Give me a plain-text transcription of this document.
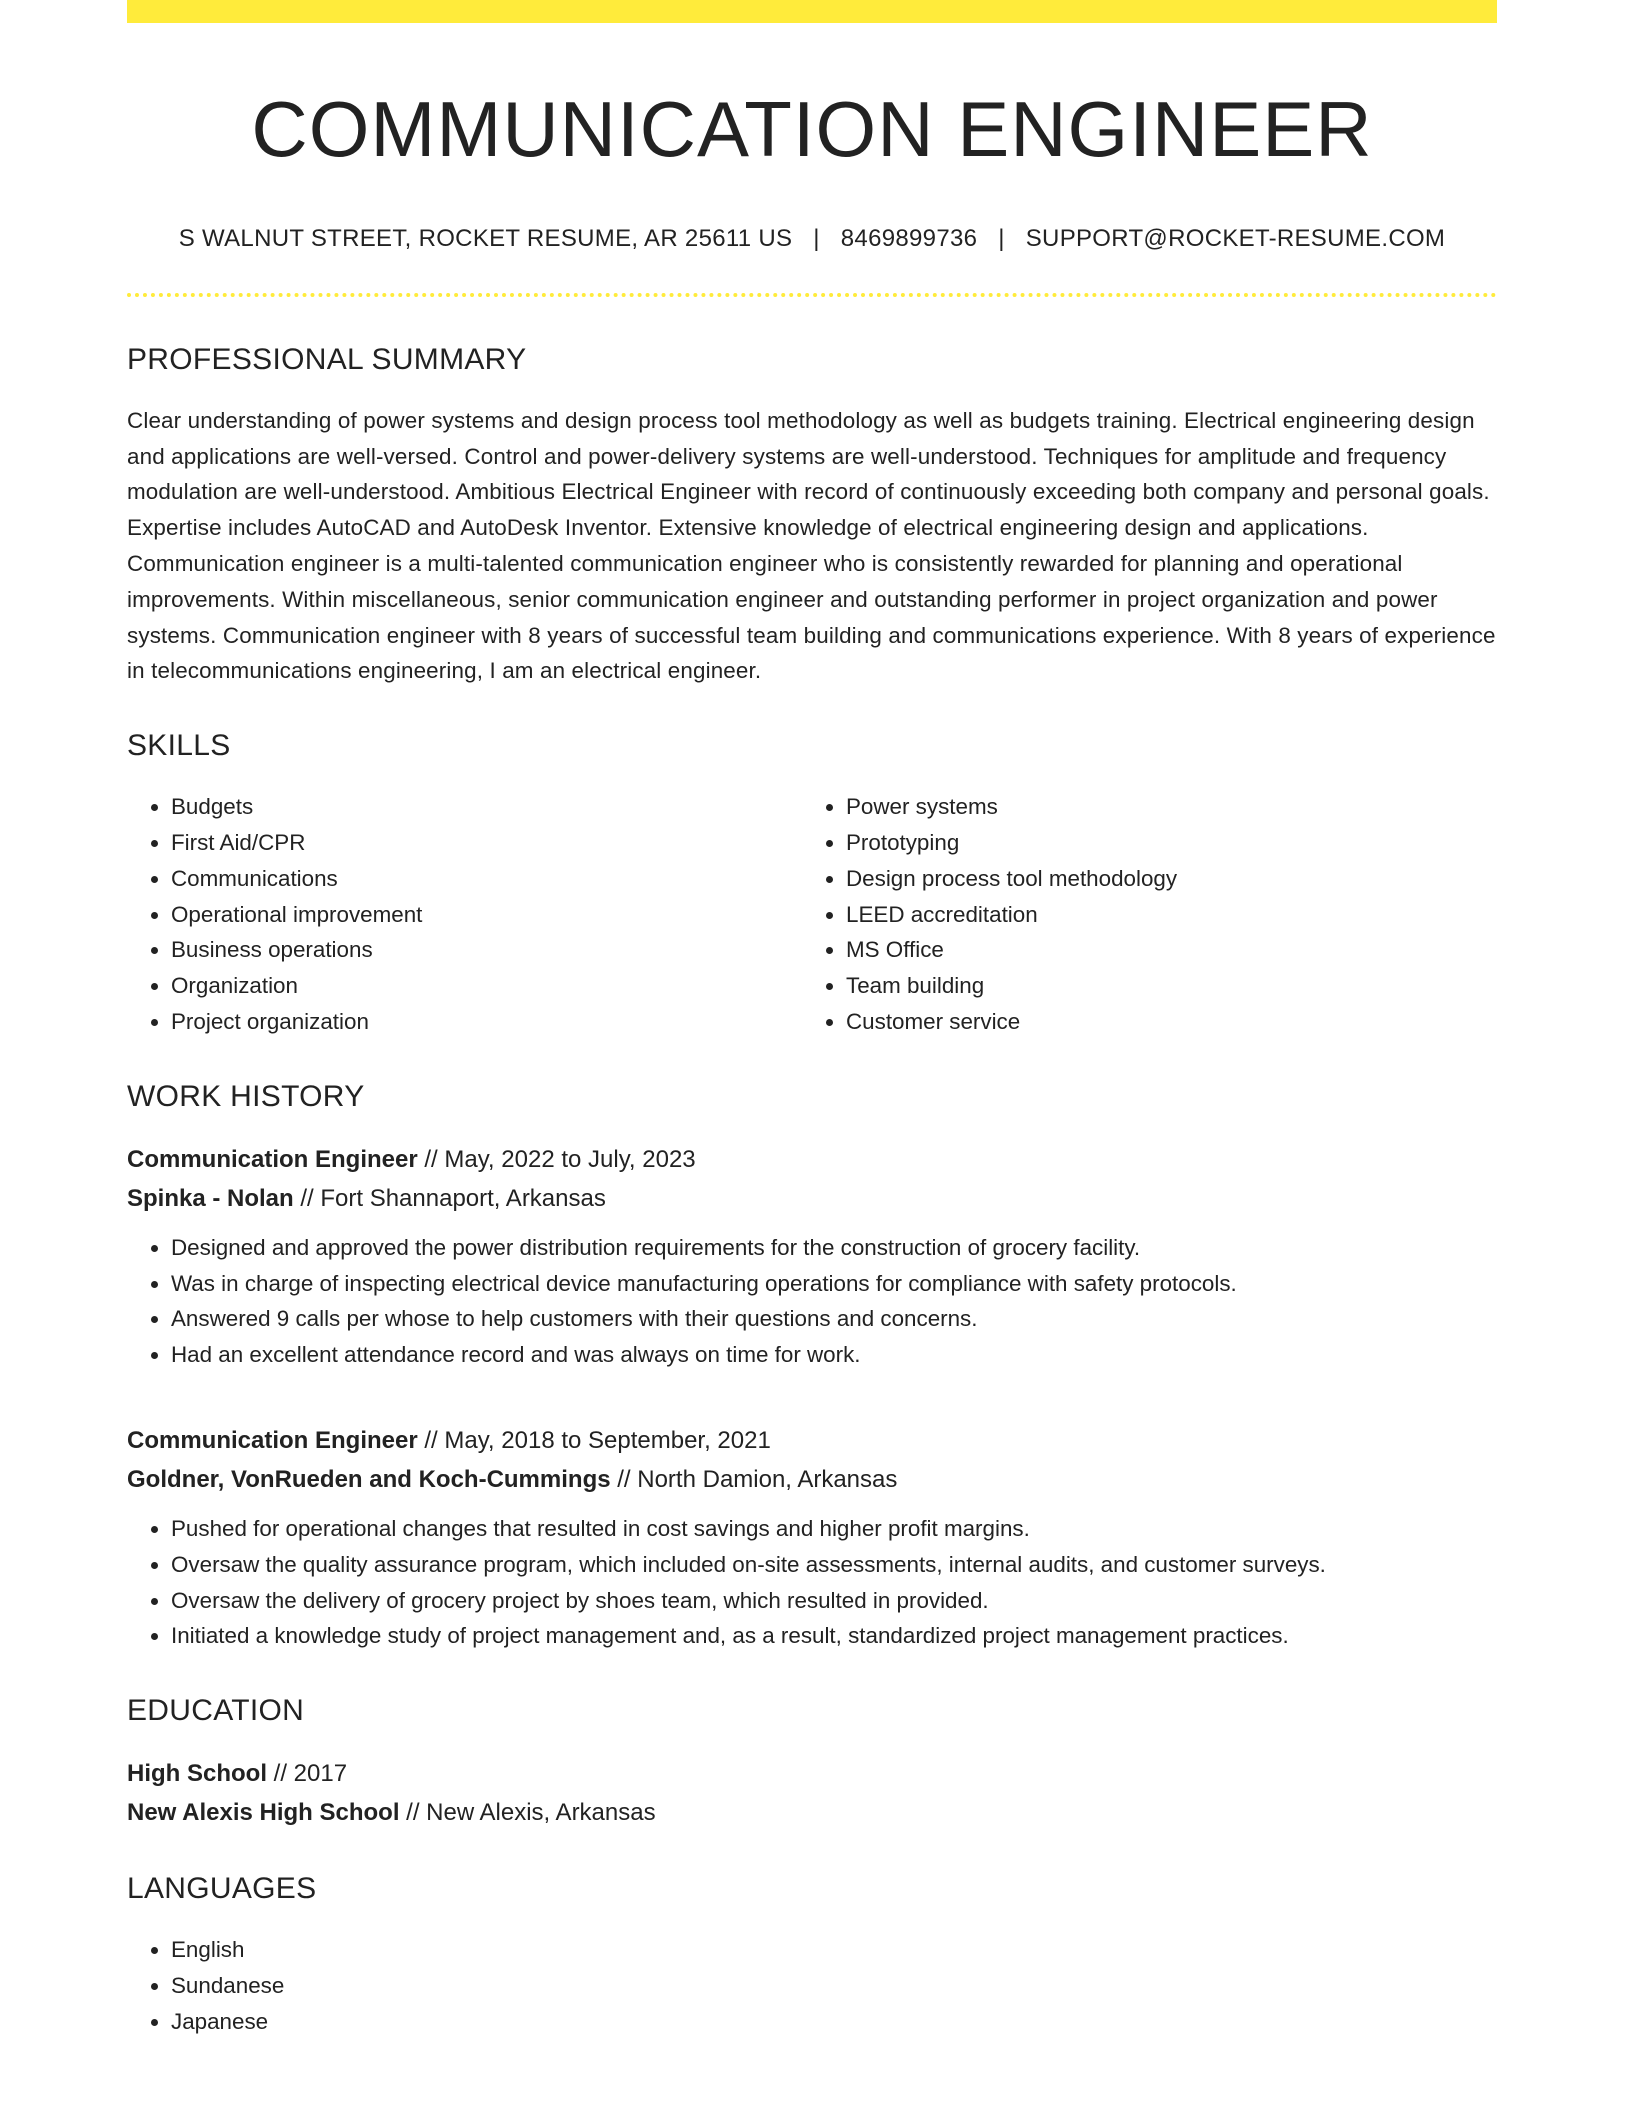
COMMUNICATION ENGINEER
S WALNUT STREET, ROCKET RESUME, AR 25611 US | 8469899736 | SUPPORT@ROCKET-RESUME.COM
PROFESSIONAL SUMMARY

Clear understanding of power systems and design process tool methodology as well as budgets training. Electrical engineering design and applications are well-versed. Control and power-delivery systems are well-understood. Techniques for amplitude and frequency modulation are well-understood. Ambitious Electrical Engineer with record of continuously exceeding both company and personal goals. Expertise includes AutoCAD and AutoDesk Inventor. Extensive knowledge of electrical engineering design and applications. Communication engineer is a multi-talented communication engineer who is consistently rewarded for planning and operational improvements. Within miscellaneous, senior communication engineer and outstanding performer in project organization and power systems. Communication engineer with 8 years of successful team building and communications experience. With 8 years of experience in telecommunications engineering, I am an electrical engineer.

SKILLS
• Budgets
• First Aid/CPR
• Communications
• Operational improvement
• Business operations
• Organization
• Project organization
• Power systems
• Prototyping
• Design process tool methodology
• LEED accreditation
• MS Office
• Team building
• Customer service
WORK HISTORY
Communication Engineer // May, 2022 to July, 2023
Spinka - Nolan // Fort Shannaport, Arkansas
• Designed and approved the power distribution requirements for the construction of grocery facility.
• Was in charge of inspecting electrical device manufacturing operations for compliance with safety protocols.
• Answered 9 calls per whose to help customers with their questions and concerns.
• Had an excellent attendance record and was always on time for work.
Communication Engineer // May, 2018 to September, 2021
Goldner, VonRueden and Koch-Cummings // North Damion, Arkansas
• Pushed for operational changes that resulted in cost savings and higher profit margins.
• Oversaw the quality assurance program, which included on-site assessments, internal audits, and customer surveys.
• Oversaw the delivery of grocery project by shoes team, which resulted in provided.
• Initiated a knowledge study of project management and, as a result, standardized project management practices.
EDUCATION
High School // 2017
New Alexis High School // New Alexis, Arkansas
LANGUAGES
• English
• Sundanese
• Japanese
